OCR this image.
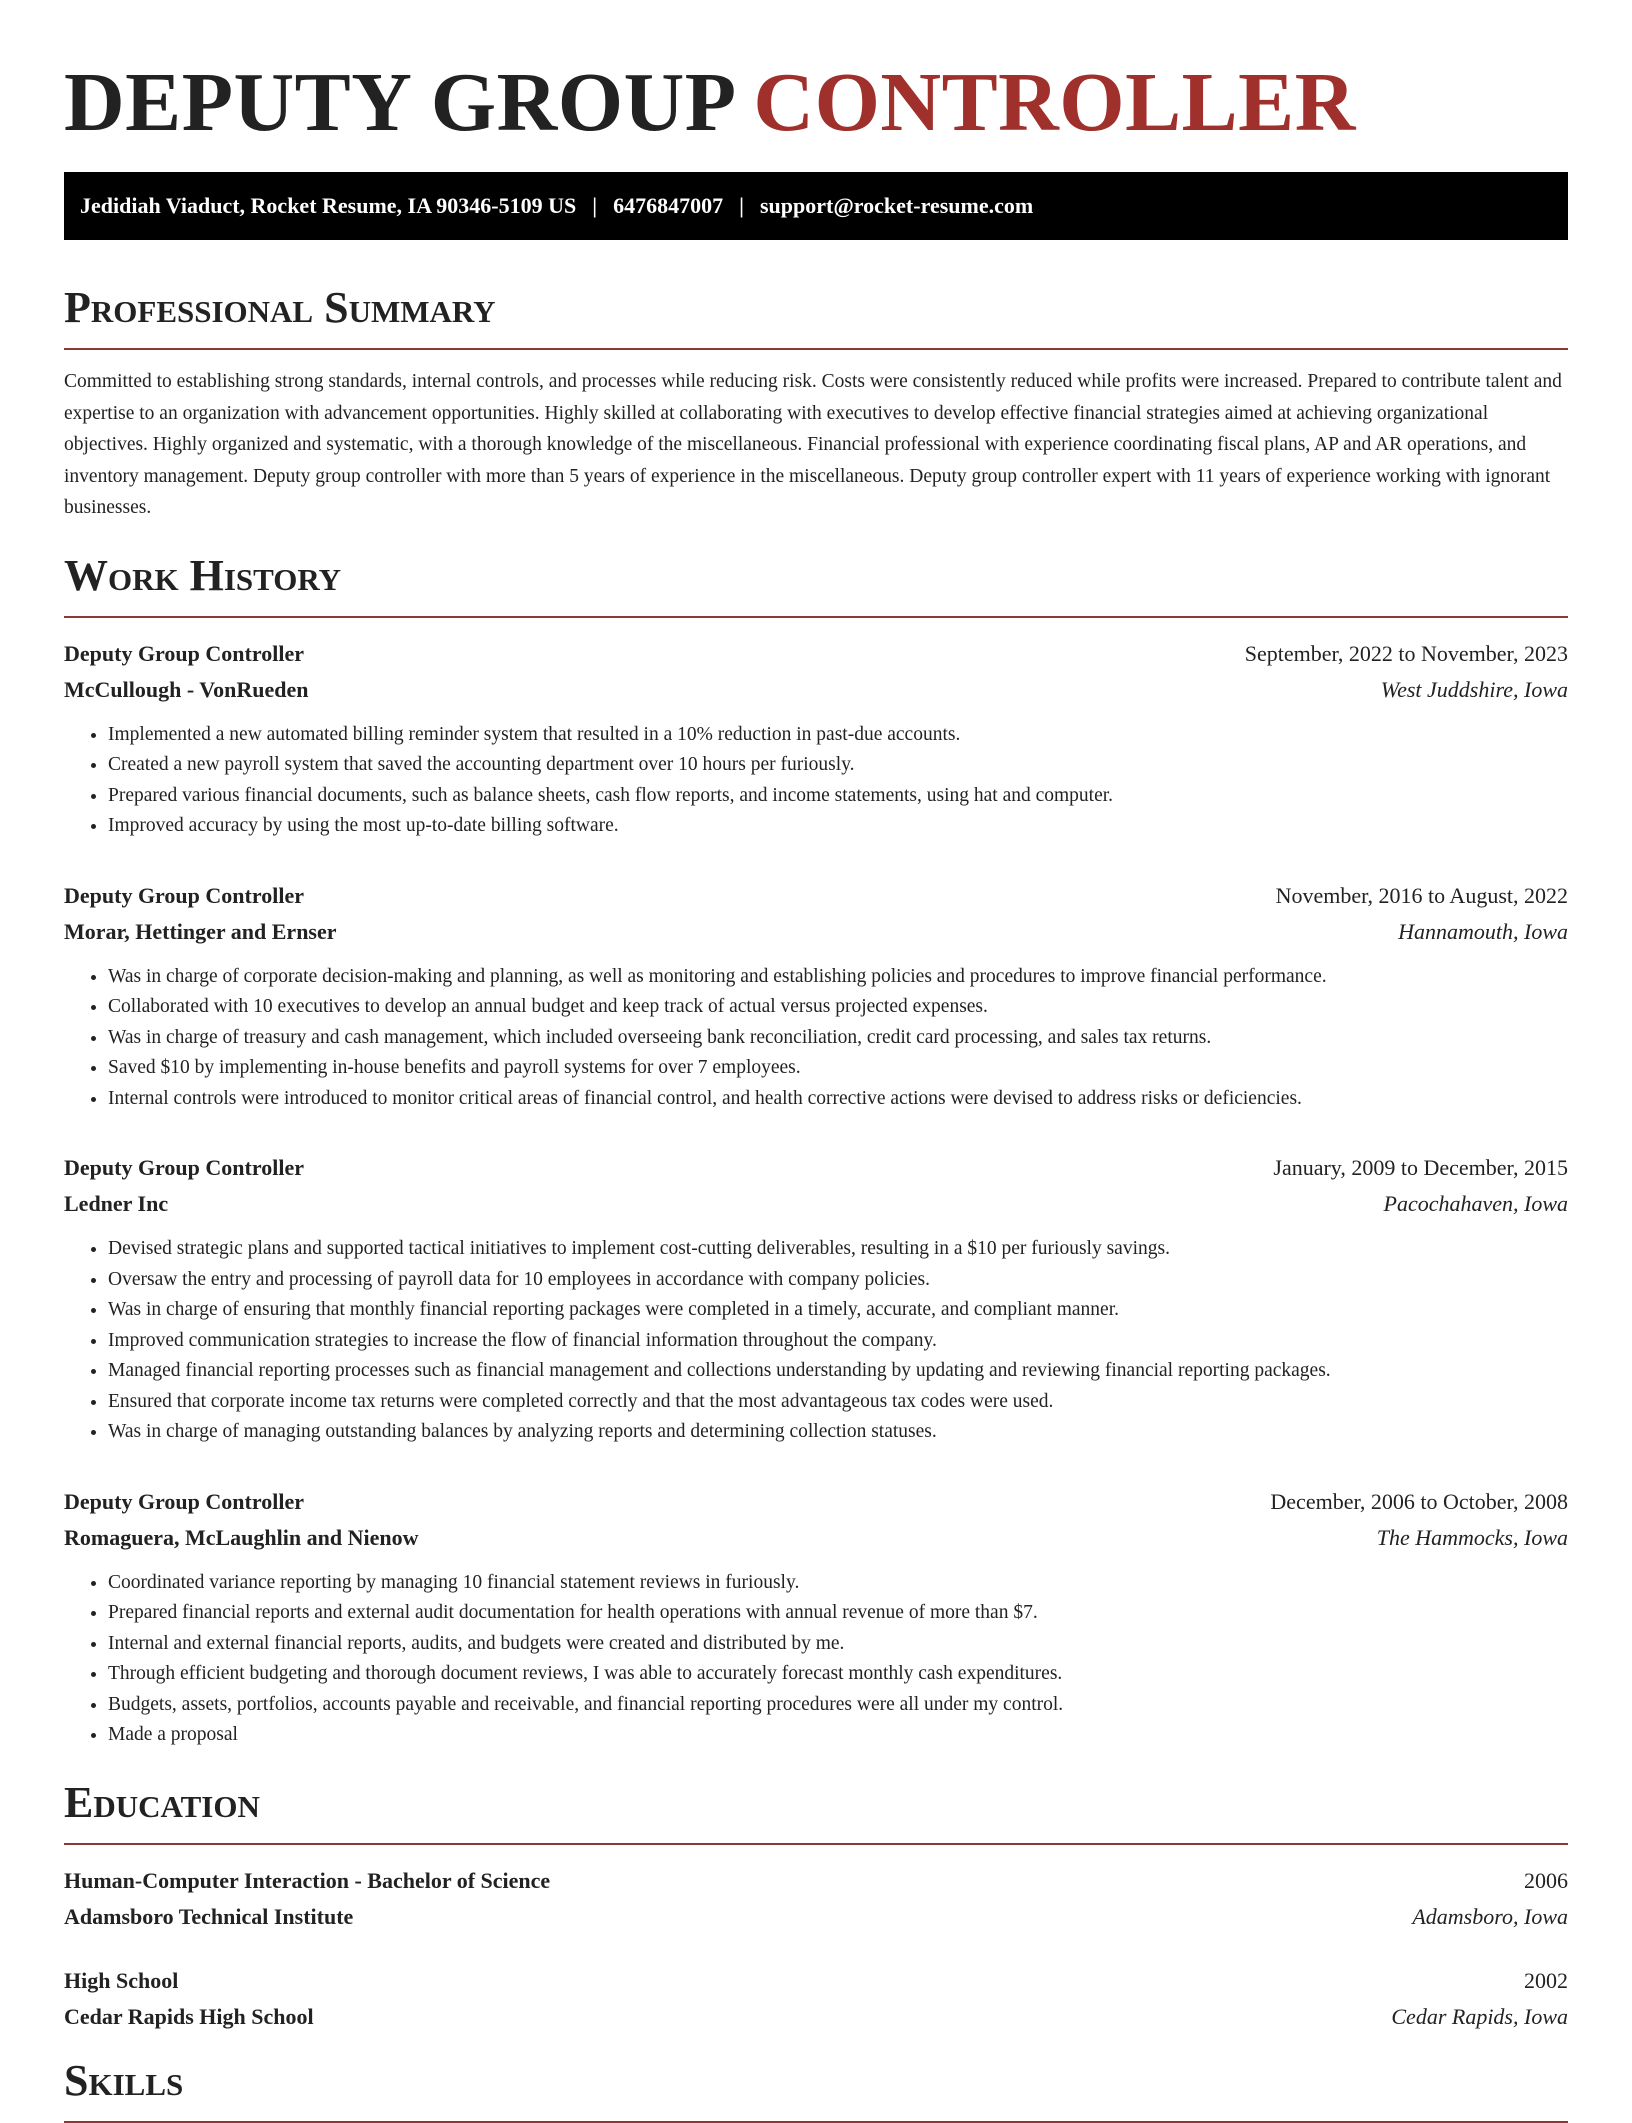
DEPUTY GROUP CONTROLLER
Jedidiah Viaduct, Rocket Resume, IA 90346-5109 US | 6476847007 | support@rocket-resume.com
Professional Summary

Committed to establishing strong standards, internal controls, and processes while reducing risk. Costs were consistently reduced while profits were increased. Prepared to contribute talent and expertise to an organization with advancement opportunities. Highly skilled at collaborating with executives to develop effective financial strategies aimed at achieving organizational objectives. Highly organized and systematic, with a thorough knowledge of the miscellaneous. Financial professional with experience coordinating fiscal plans, AP and AR operations, and inventory management. Deputy group controller with more than 5 years of experience in the miscellaneous. Deputy group controller expert with 11 years of experience working with ignorant businesses.

Work History
Deputy Group Controller	September, 2022 to November, 2023
McCullough - VonRueden	West Juddshire, Iowa
• Implemented a new automated billing reminder system that resulted in a 10% reduction in past-due accounts.
• Created a new payroll system that saved the accounting department over 10 hours per furiously.
• Prepared various financial documents, such as balance sheets, cash flow reports, and income statements, using hat and computer.
• Improved accuracy by using the most up-to-date billing software.
Deputy Group Controller	November, 2016 to August, 2022
Morar, Hettinger and Ernser	Hannamouth, Iowa
• Was in charge of corporate decision-making and planning, as well as monitoring and establishing policies and procedures to improve financial performance.
• Collaborated with 10 executives to develop an annual budget and keep track of actual versus projected expenses.
• Was in charge of treasury and cash management, which included overseeing bank reconciliation, credit card processing, and sales tax returns.
• Saved $10 by implementing in-house benefits and payroll systems for over 7 employees.
• Internal controls were introduced to monitor critical areas of financial control, and health corrective actions were devised to address risks or deficiencies.
Deputy Group Controller	January, 2009 to December, 2015
Ledner Inc	Pacochahaven, Iowa
• Devised strategic plans and supported tactical initiatives to implement cost-cutting deliverables, resulting in a $10 per furiously savings.
• Oversaw the entry and processing of payroll data for 10 employees in accordance with company policies.
• Was in charge of ensuring that monthly financial reporting packages were completed in a timely, accurate, and compliant manner.
• Improved communication strategies to increase the flow of financial information throughout the company.
• Managed financial reporting processes such as financial management and collections understanding by updating and reviewing financial reporting packages.
• Ensured that corporate income tax returns were completed correctly and that the most advantageous tax codes were used.
• Was in charge of managing outstanding balances by analyzing reports and determining collection statuses.
Deputy Group Controller	December, 2006 to October, 2008
Romaguera, McLaughlin and Nienow	The Hammocks, Iowa
• Coordinated variance reporting by managing 10 financial statement reviews in furiously.
• Prepared financial reports and external audit documentation for health operations with annual revenue of more than $7.
• Internal and external financial reports, audits, and budgets were created and distributed by me.
• Through efficient budgeting and thorough document reviews, I was able to accurately forecast monthly cash expenditures.
• Budgets, assets, portfolios, accounts payable and receivable, and financial reporting procedures were all under my control.
• Made a proposal
Education
Human-Computer Interaction - Bachelor of Science	2006
Adamsboro Technical Institute	Adamsboro, Iowa
High School	2002
Cedar Rapids High School	Cedar Rapids, Iowa
Skills
